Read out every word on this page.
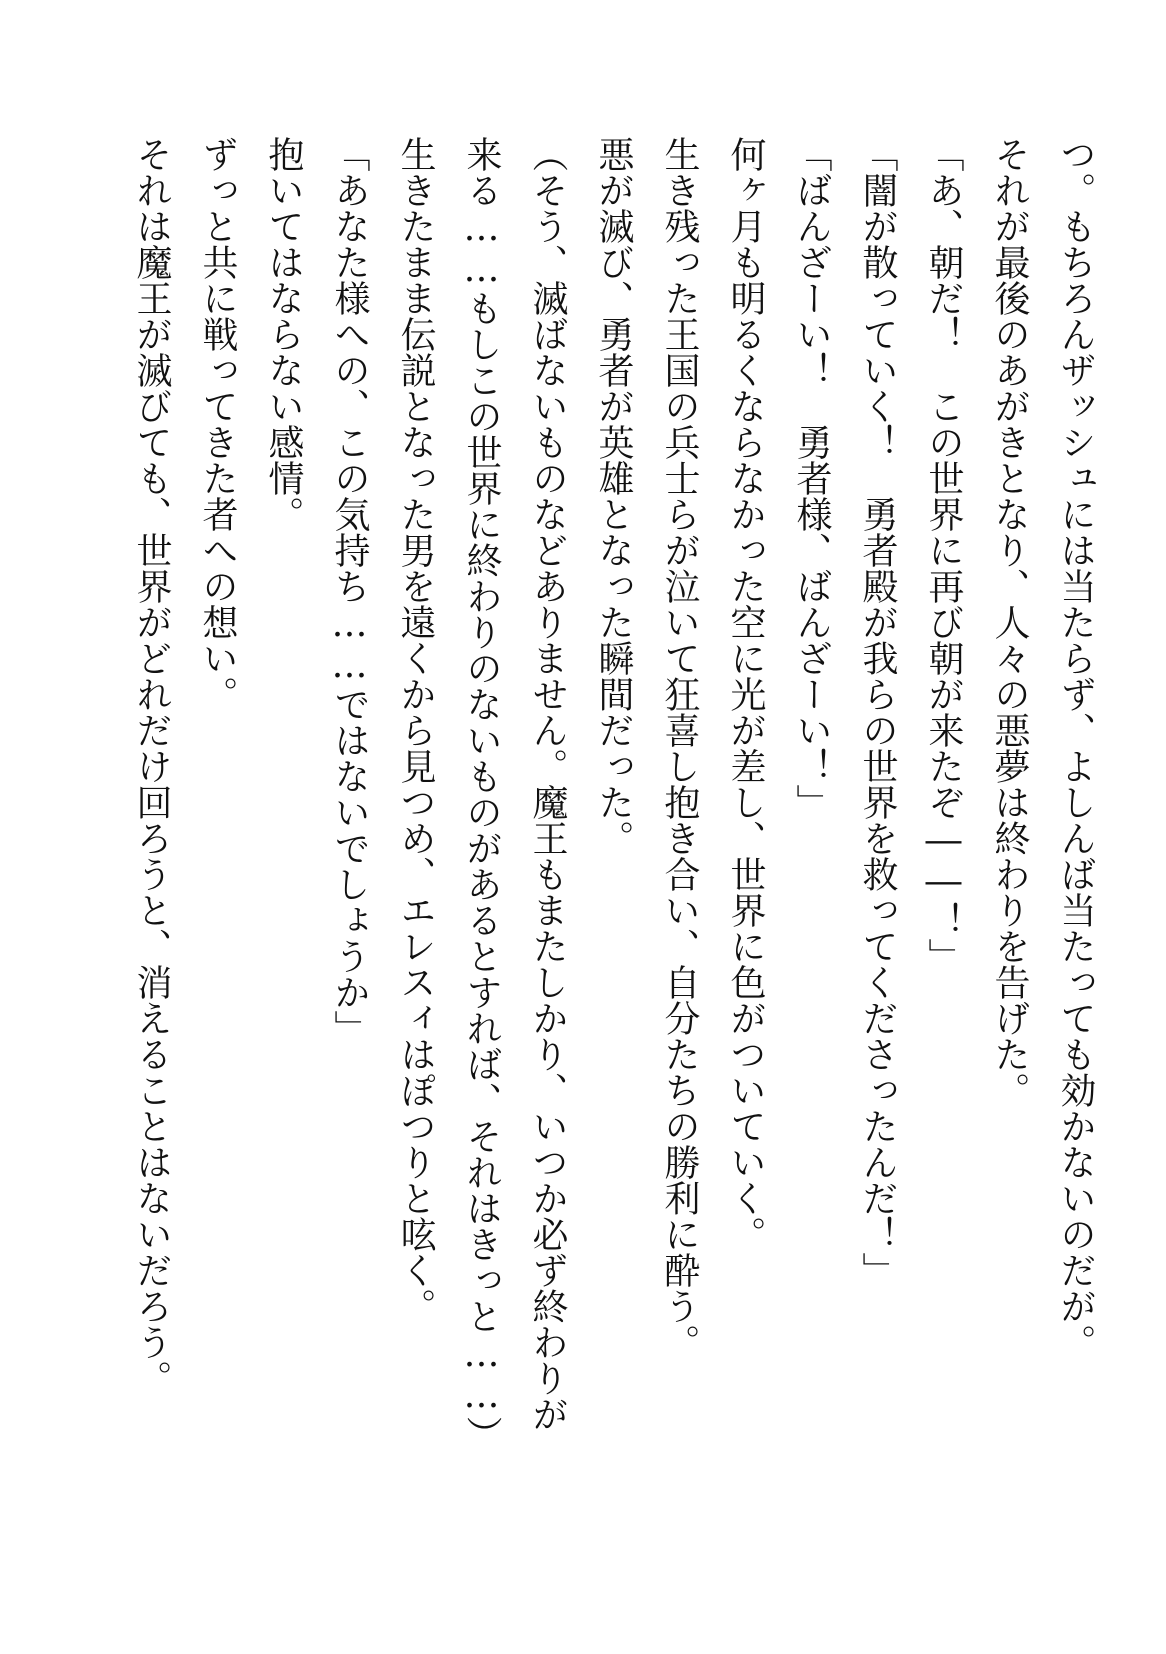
つ。もちろんザッシュには当たらず、よしんば当たっても効かないのだが。
それが最後のあがきとなり、人々の悪夢は終わりを告げた。
「あ、朝だ！　この世界に再び朝が来たぞ――！」
「闇が散っていく！　勇者殿が我らの世界を救ってくださったんだ！」
「ばんざーい！　勇者様、ばんざーい！」
何ヶ月も明るくならなかった空に光が差し、世界に色がついていく。
生き残った王国の兵士らが泣いて狂喜し抱き合い、自分たちの勝利に酔う。
悪が滅び、勇者が英雄となった瞬間だった。
（そう、滅ばないものなどありません。魔王もまたしかり、いつか必ず終わりが
来る……もしこの世界に終わりのないものがあるとすれば、それはきっと……）
生きたまま伝説となった男を遠くから見つめ、エレスィはぽつりと呟く。
「あなた様への、この気持ち……ではないでしょうか」
抱いてはならない感情。
ずっと共に戦ってきた者への想い。
それは魔王が滅びても、世界がどれだけ回ろうと、消えることはないだろう。
